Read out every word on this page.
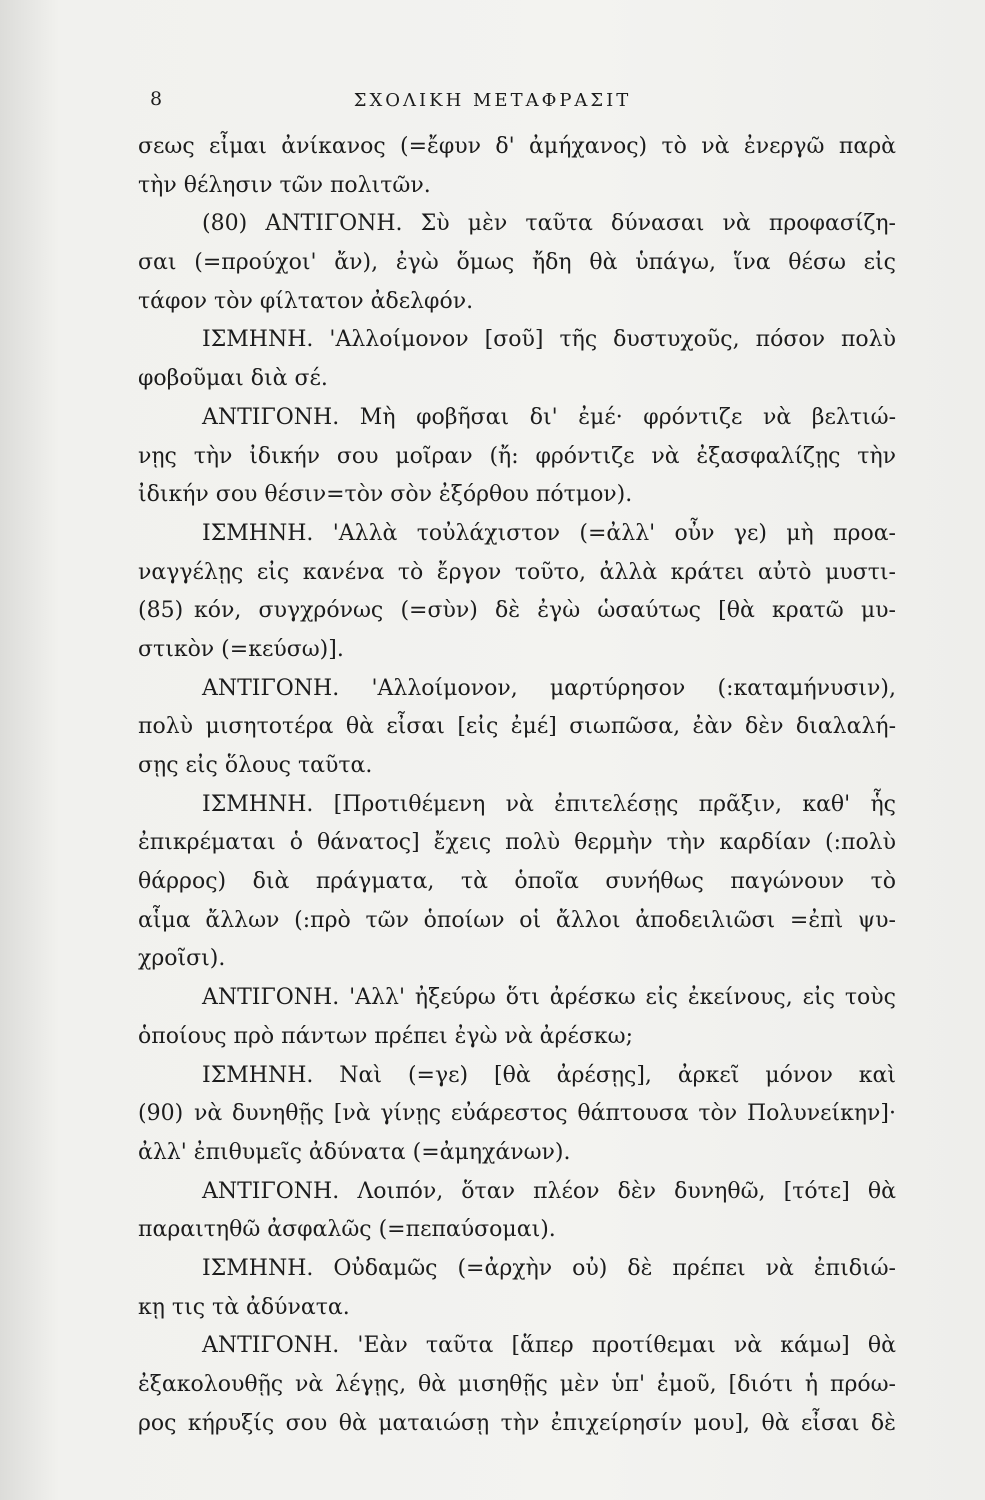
8	ΣΧΟΛΙΚΗ ΜΕΤΑΦΡΑΣΙΤ
σεως εἶμαι ἀνίκανος (=ἔφυν δ' ἀμήχανος) τὸ νὰ ἐνεργῶ παρὰ
τὴν θέλησιν τῶν πολιτῶν.
(80) ΑΝΤΙΓΟΝΗ. Σὺ μὲν ταῦτα δύνασαι νὰ προφασίζη-
σαι (=προύχοι' ἄν), ἐγὼ ὅμως ἤδη θὰ ὑπάγω, ἵνα θέσω εἰς
τάφον τὸν φίλτατον ἀδελφόν.
ΙΣΜΗΝΗ. 'Αλλοίμονον [σοῦ] τῆς δυστυχοῦς, πόσον πολὺ
φοβοῦμαι διὰ σέ.
ΑΝΤΙΓΟΝΗ. Μὴ φοβῆσαι δι' ἐμέ· φρόντιζε νὰ βελτιώ-
νῃς τὴν ἰδικήν σου μοῖραν (ἤ: φρόντιζε νὰ ἐξασφαλίζῃς τὴν
ἰδικήν σου θέσιν=τὸν σὸν ἐξόρθου πότμον).
ΙΣΜΗΝΗ. 'Αλλὰ τοὐλάχιστον (=ἀλλ' οὖν γε) μὴ προα-
ναγγέλῃς εἰς κανένα τὸ ἔργον τοῦτο, ἀλλὰ κράτει αὐτὸ μυστι-
(85) κόν, συγχρόνως (=σὺν) δὲ ἐγὼ ὡσαύτως [θὰ κρατῶ μυ-
στικὸν (=κεύσω)].
ΑΝΤΙΓΟΝΗ. 'Αλλοίμονον, μαρτύρησον (:καταμήνυσιν),
πολὺ μισητοτέρα θὰ εἶσαι [εἰς ἐμέ] σιωπῶσα, ἐὰν δὲν διαλαλή-
σῃς εἰς ὅλους ταῦτα.
ΙΣΜΗΝΗ. [Προτιθέμενη νὰ ἐπιτελέσῃς πρᾶξιν, καθ' ἧς
ἐπικρέμαται ὁ θάνατος] ἔχεις πολὺ θερμὴν τὴν καρδίαν (:πολὺ
θάρρος) διὰ πράγματα, τὰ ὁποῖα συνήθως παγώνουν τὸ
αἷμα ἄλλων (:πρὸ τῶν ὁποίων οἱ ἄλλοι ἀποδειλιῶσι =ἐπὶ ψυ-
χροῖσι).
ΑΝΤΙΓΟΝΗ. 'Αλλ' ἠξεύρω ὅτι ἀρέσκω εἰς ἐκείνους, εἰς τοὺς
ὁποίους πρὸ πάντων πρέπει ἐγὼ νὰ ἀρέσκω;
ΙΣΜΗΝΗ. Ναὶ (=γε) [θὰ ἀρέσῃς], ἀρκεῖ μόνον καὶ
(90) νὰ δυνηθῇς [νὰ γίνῃς εὐάρεστος θάπτουσα τὸν Πολυνείκην]·
ἀλλ' ἐπιθυμεῖς ἀδύνατα (=ἀμηχάνων).
ΑΝΤΙΓΟΝΗ. Λοιπόν, ὅταν πλέον δὲν δυνηθῶ, [τότε] θὰ
παραιτηθῶ ἀσφαλῶς (=πεπαύσομαι).
ΙΣΜΗΝΗ. Οὐδαμῶς (=ἀρχὴν οὐ) δὲ πρέπει νὰ ἐπιδιώ-
κῃ τις τὰ ἀδύνατα.
ΑΝΤΙΓΟΝΗ. 'Εὰν ταῦτα [ἅπερ προτίθεμαι νὰ κάμω] θὰ
ἐξακολουθῇς νὰ λέγῃς, θὰ μισηθῇς μὲν ὑπ' ἐμοῦ, [διότι ἡ πρόω-
ρος κήρυξίς σου θὰ ματαιώσῃ τὴν ἐπιχείρησίν μου], θὰ εἶσαι δὲ
